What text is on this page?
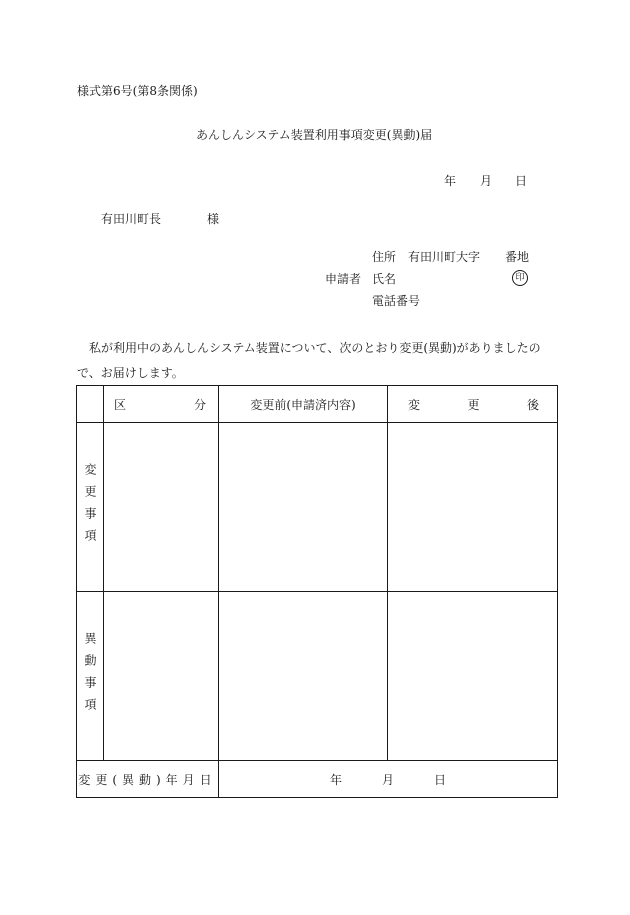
様式第6号(第8条関係)
あんしんシステム装置利用事項変更(異動)届
年 月 日
有田川町長	様
住所 有田川町大字 番地
申請者 氏名	印
電話番号
私が利用中のあんしんシステム装置について、次のとおり変更(異動)がありましたので、お届けします。

	区 分	変更前(申請済内容)	変 更 後

変更事項			

異動事項			

変更(異動)年月日		年 月 日	
